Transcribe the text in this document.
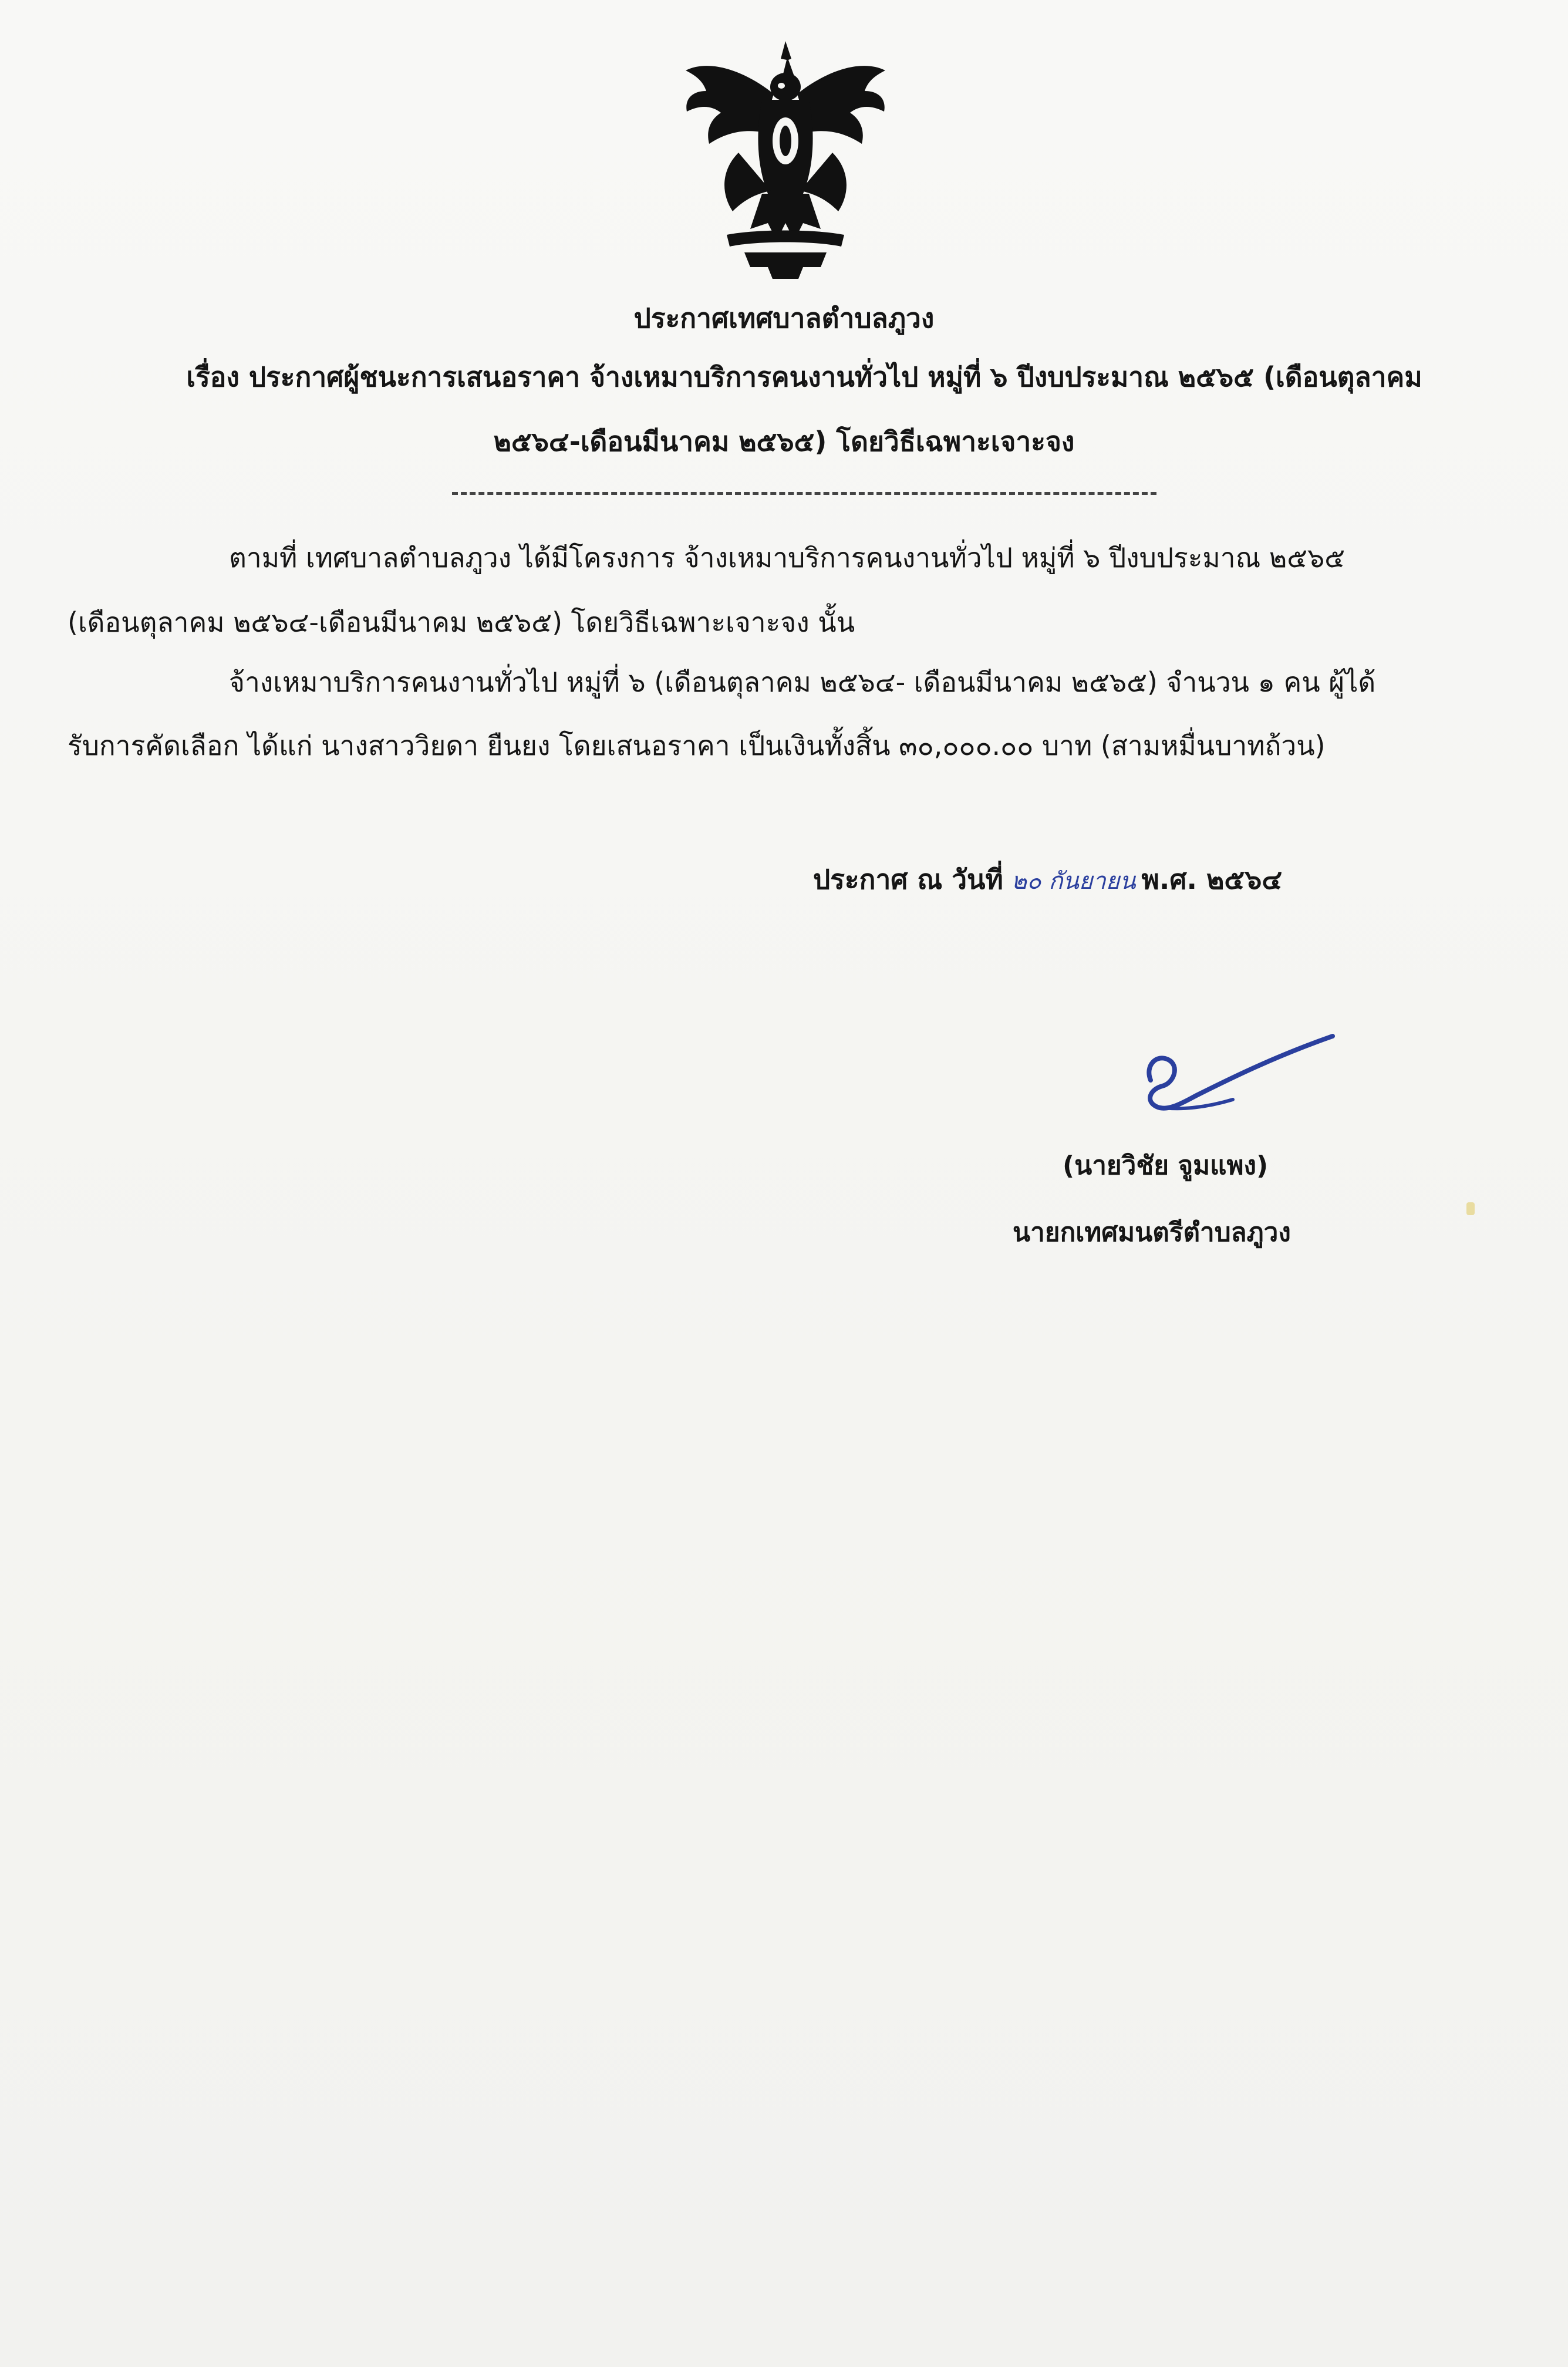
ประกาศเทศบาลตำบลภูวง
เรื่อง ประกาศผู้ชนะการเสนอราคา จ้างเหมาบริการคนงานทั่วไป หมู่ที่ ๖ ปีงบประมาณ ๒๕๖๕ (เดือนตุลาคม
๒๕๖๔-เดือนมีนาคม ๒๕๖๕) โดยวิธีเฉพาะเจาะจง
ตามที่ เทศบาลตำบลภูวง ได้มีโครงการ จ้างเหมาบริการคนงานทั่วไป หมู่ที่ ๖ ปีงบประมาณ ๒๕๖๕
(เดือนตุลาคม ๒๕๖๔-เดือนมีนาคม ๒๕๖๕) โดยวิธีเฉพาะเจาะจง นั้น
จ้างเหมาบริการคนงานทั่วไป หมู่ที่ ๖ (เดือนตุลาคม ๒๕๖๔- เดือนมีนาคม ๒๕๖๕) จำนวน ๑ คน ผู้ได้
รับการคัดเลือก ได้แก่ นางสาววิยดา ยืนยง โดยเสนอราคา เป็นเงินทั้งสิ้น ๓๐,๐๐๐.๐๐ บาท (สามหมื่นบาทถ้วน)
ประกาศ ณ วันที่ ๒๐ กันยายน พ.ศ. ๒๕๖๔
(นายวิชัย จูมแพง)
นายกเทศมนตรีตำบลภูวง
